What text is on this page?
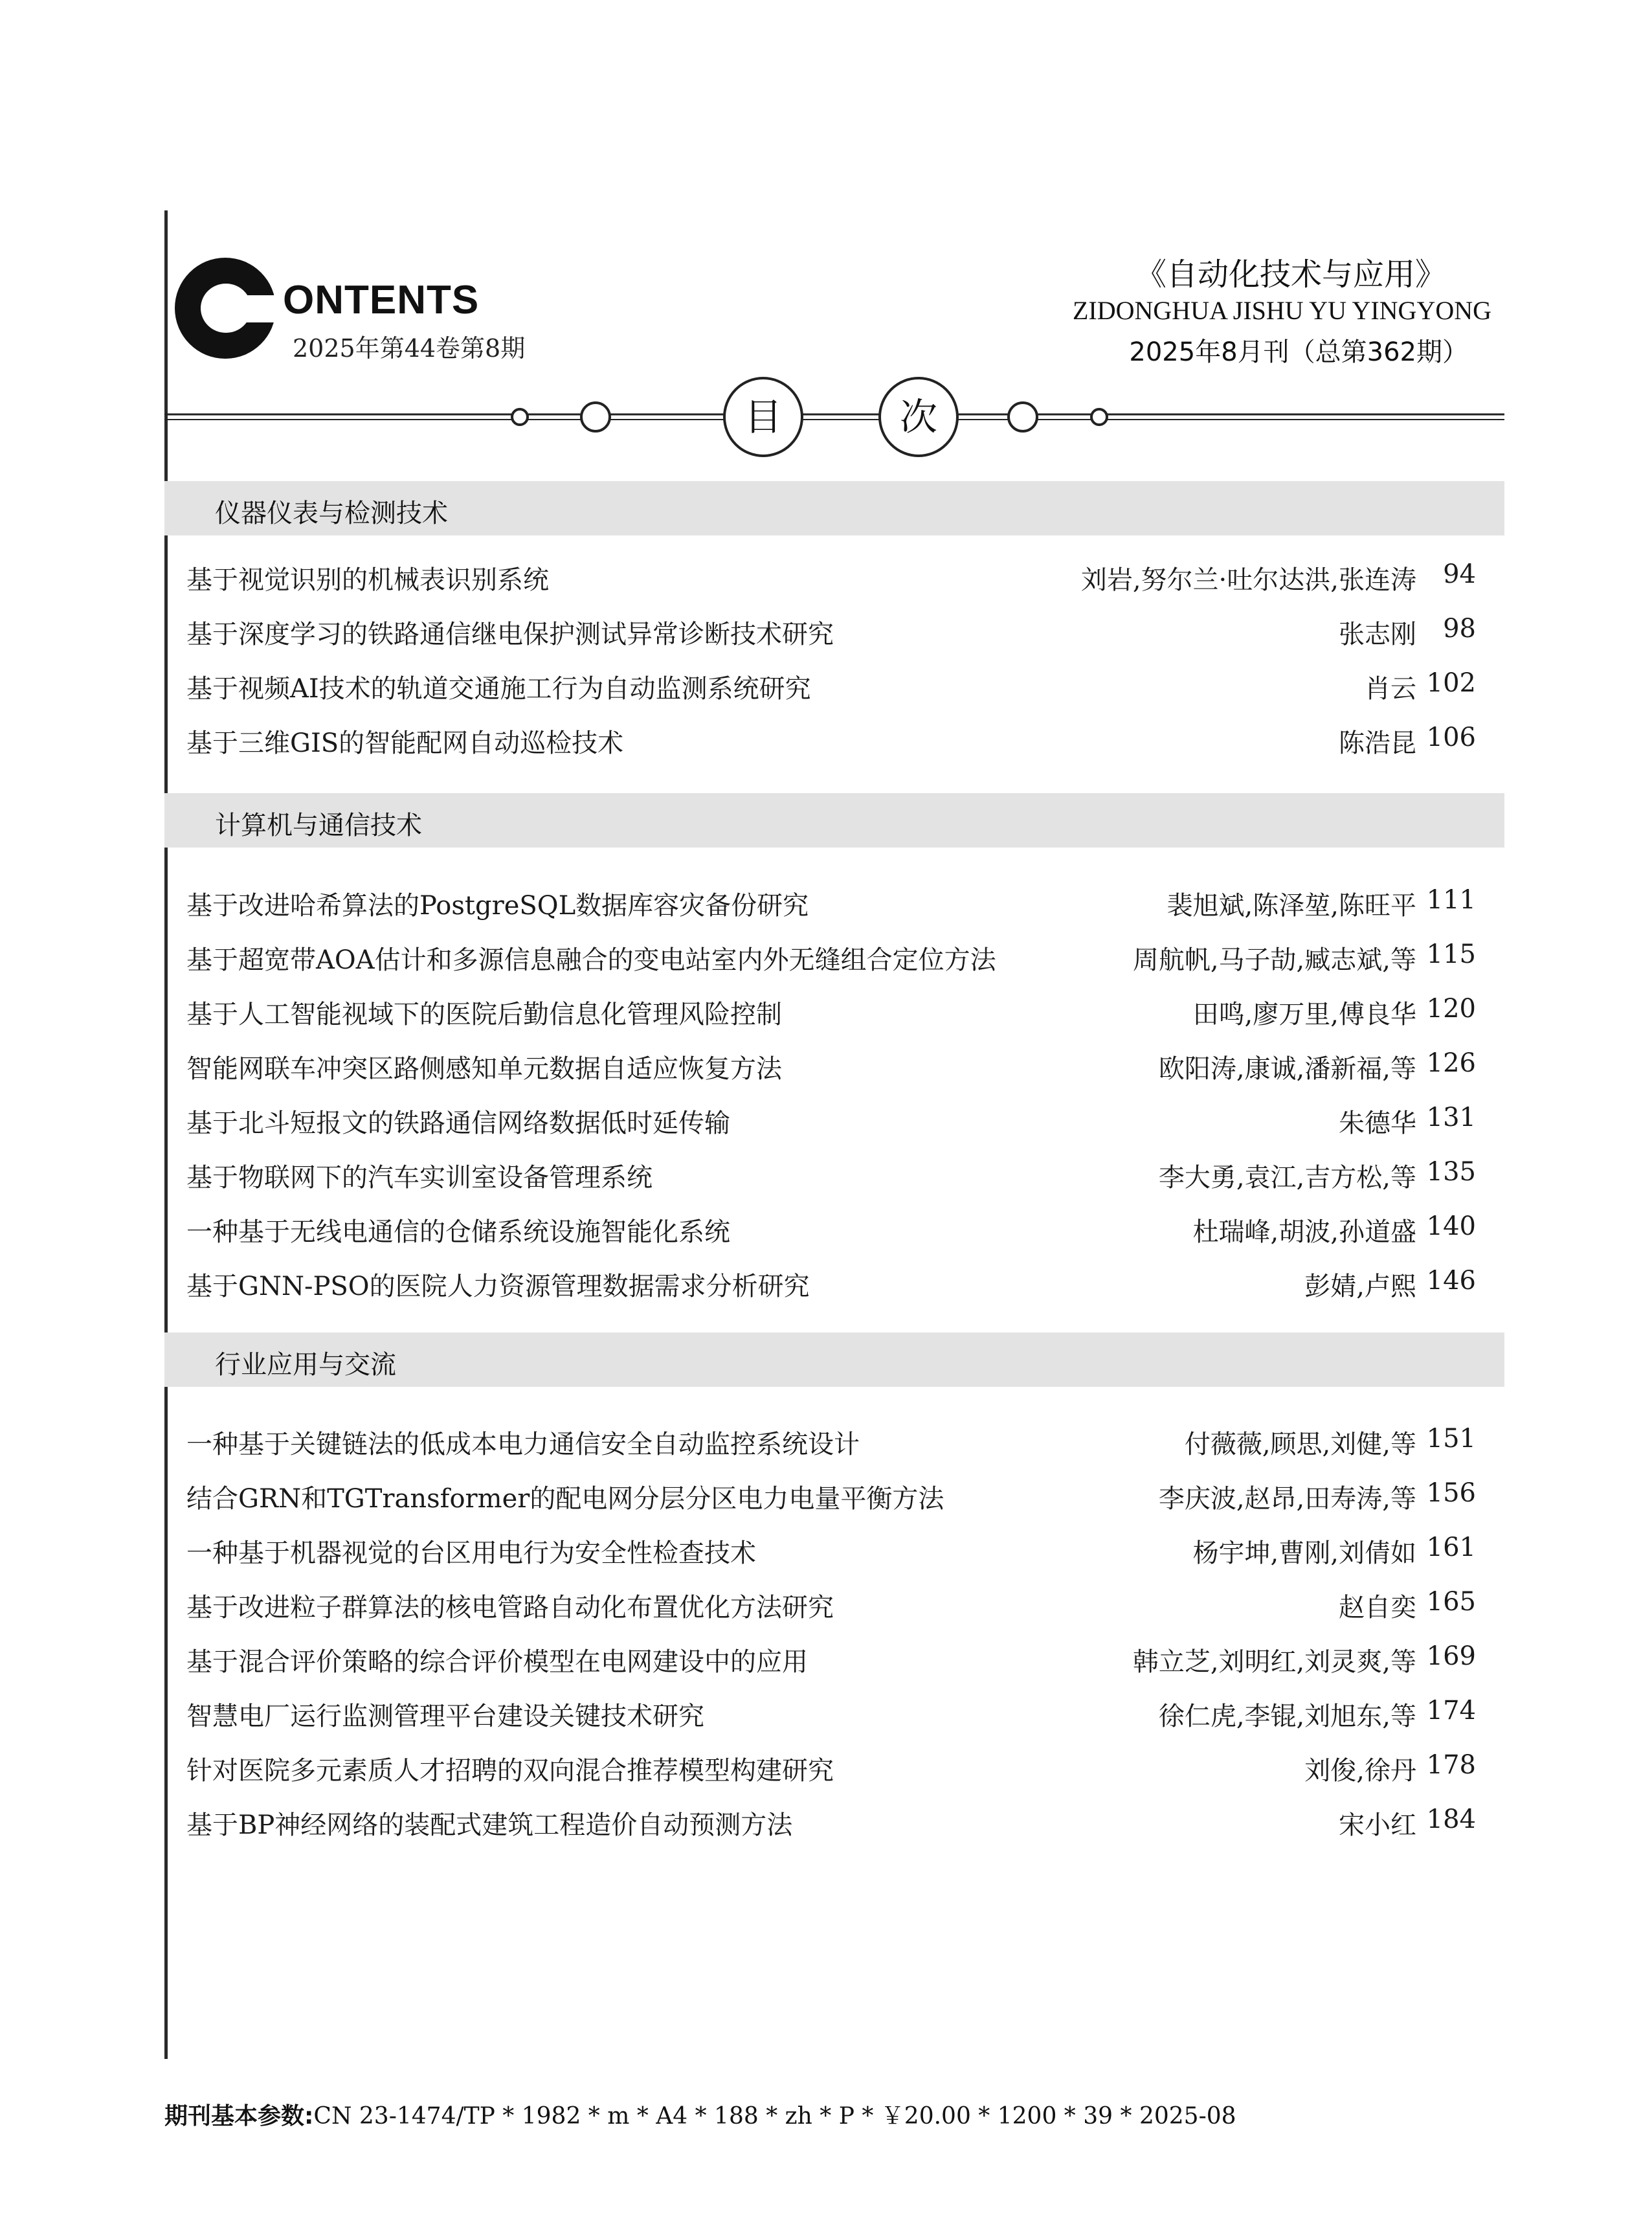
ONTENTS
2025年第44卷第8期
《自动化技术与应用》
ZIDONGHUA JISHU YU YINGYONG
2025年8月刊（总第362期）
目	次
仪器仪表与检测技术
基于视觉识别的机械表识别系统	刘岩,努尔兰·吐尔达洪,张连涛	94
基于深度学习的铁路通信继电保护测试异常诊断技术研究	张志刚	98
基于视频AI技术的轨道交通施工行为自动监测系统研究	肖云 102
基于三维GIS的智能配网自动巡检技术	陈浩昆 106
计算机与通信技术
基于改进哈希算法的PostgreSQL数据库容灾备份研究	裴旭斌,陈泽堃,陈旺平 111
基于超宽带AOA估计和多源信息融合的变电站室内外无缝组合定位方法	周航帆,马子劼,臧志斌,等 115
基于人工智能视域下的医院后勤信息化管理风险控制	田鸣,廖万里,傅良华 120
智能网联车冲突区路侧感知单元数据自适应恢复方法	欧阳涛,康诚,潘新福,等 126
基于北斗短报文的铁路通信网络数据低时延传输	朱德华 131
基于物联网下的汽车实训室设备管理系统	李大勇,袁江,吉方松,等 135
一种基于无线电通信的仓储系统设施智能化系统	杜瑞峰,胡波,孙道盛 140
基于GNN-PSO的医院人力资源管理数据需求分析研究	彭婧,卢熙 146
行业应用与交流
一种基于关键链法的低成本电力通信安全自动监控系统设计	付薇薇,顾思,刘健,等 151
结合GRN和TGTransformer的配电网分层分区电力电量平衡方法	李庆波,赵昂,田寿涛,等 156
一种基于机器视觉的台区用电行为安全性检查技术	杨宇坤,曹刚,刘倩如 161
基于改进粒子群算法的核电管路自动化布置优化方法研究	赵自奕 165
基于混合评价策略的综合评价模型在电网建设中的应用	韩立芝,刘明红,刘灵爽,等 169
智慧电厂运行监测管理平台建设关键技术研究	徐仁虎,李锟,刘旭东,等 174
针对医院多元素质人才招聘的双向混合推荐模型构建研究	刘俊,徐丹 178
基于BP神经网络的装配式建筑工程造价自动预测方法	宋小红 184
期刊基本参数:CN 23-1474/TP * 1982 * m * A4 * 188 * zh * P * ￥20.00 * 1200 * 39 * 2025-08
